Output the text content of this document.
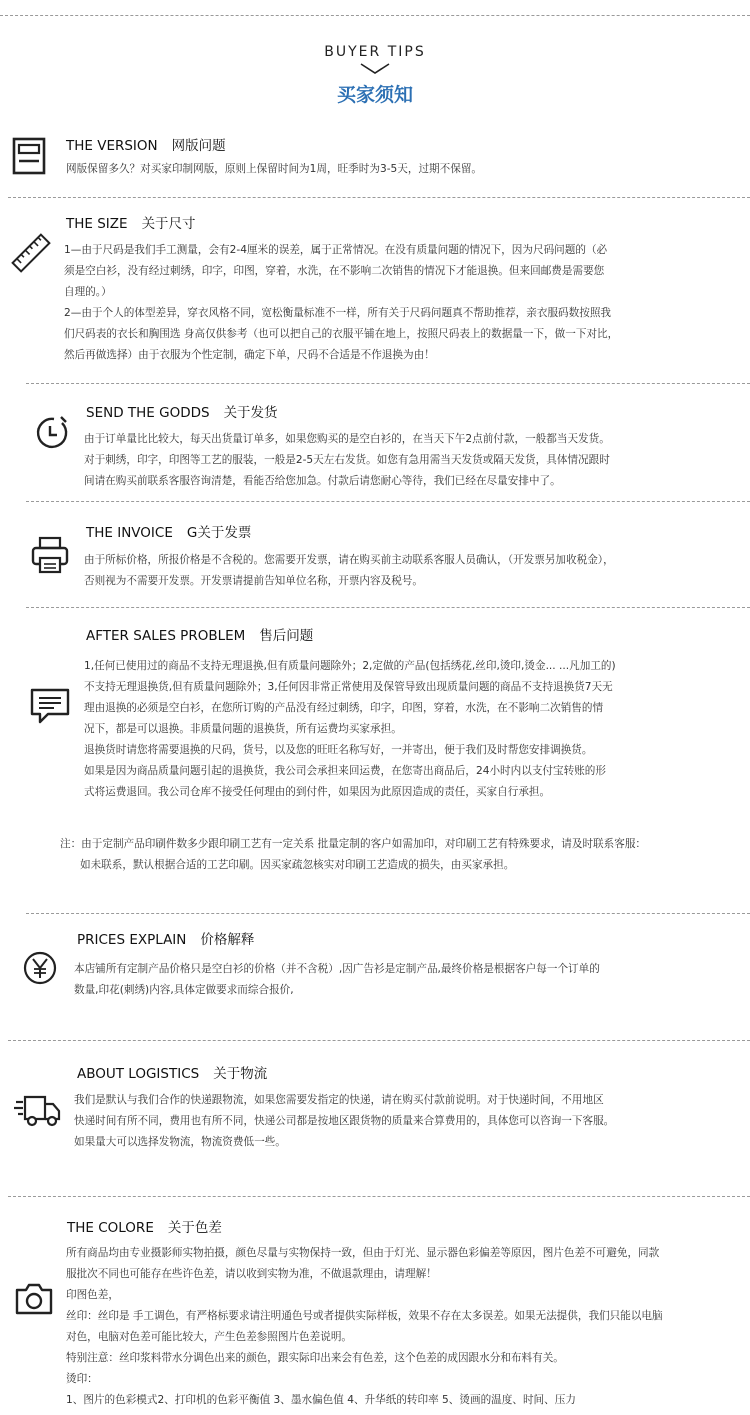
BUYER TIPS
买家须知
THE VERSION 网版问题

网版保留多久？对买家印制网版，原则上保留时间为1周，旺季时为3-5天，过期不保留。

THE SIZE 关于尺寸

1—由于尺码是我们手工测量，会有2-4厘米的误差，属于正常情况。在没有质量问题的情况下，因为尺码问题的（必

须是空白衫，没有经过刺绣，印字，印图，穿着，水洗，在不影响二次销售的情况下才能退换。但来回邮费是需要您

自理的。）

2—由于个人的体型差异，穿衣风格不同，宽松衡量标准不一样，所有关于尺码问题真不帮助推荐，亲衣服码数按照我

们尺码表的衣长和胸围选 身高仅供参考（也可以把自己的衣服平铺在地上，按照尺码表上的数据量一下，做一下对比，

然后再做选择）由于衣服为个性定制，确定下单，尺码不合适是不作退换为由！

SEND THE GODDS 关于发货

由于订单量比比较大，每天出货量订单多，如果您购买的是空白衫的，在当天下午2点前付款，一般都当天发货。

对于刺绣，印字，印图等工艺的服装，一般是2-5天左右发货。如您有急用需当天发货或隔天发货，具体情况跟时

间请在购买前联系客服咨询清楚，看能否给您加急。付款后请您耐心等待，我们已经在尽量安排中了。

THE INVOICE G关于发票

由于所标价格，所报价格是不含税的。您需要开发票，请在购买前主动联系客服人员确认，（开发票另加收税金），

否则视为不需要开发票。开发票请提前告知单位名称，开票内容及税号。

AFTER SALES PROBLEM 售后问题

1,任何已使用过的商品不支持无理退换,但有质量问题除外；2,定做的产品(包括绣花,丝印,烫印,烫金... ...凡加工的)

不支持无理退换货,但有质量问题除外；3,任何因非常正常使用及保管导致出现质量问题的商品不支持退换货7天无

理由退换的必须是空白衫，在您所订购的产品没有经过刺绣，印字，印图，穿着，水洗，在不影响二次销售的情

况下，都是可以退换。非质量问题的退换货，所有运费均买家承担。

退换货时请您将需要退换的尺码，货号，以及您的旺旺名称写好，一并寄出，便于我们及时帮您安排调换货。

如果是因为商品质量问题引起的退换货，我公司会承担来回运费，在您寄出商品后，24小时内以支付宝转账的形

式将运费退回。我公司仓库不接受任何理由的到付件，如果因为此原因造成的责任，买家自行承担。

注：由于定制产品印刷件数多少跟印刷工艺有一定关系 批量定制的客户如需加印，对印刷工艺有特殊要求，请及时联系客服：

如未联系，默认根据合适的工艺印刷。因买家疏忽核实对印刷工艺造成的损失，由买家承担。

PRICES EXPLAIN 价格解释

本店铺所有定制产品价格只是空白衫的价格（并不含税）,因广告衫是定制产品,最终价格是根据客户每一个订单的

数量,印花(刺绣)内容,具体定做要求而综合报价,

ABOUT LOGISTICS 关于物流

我们是默认与我们合作的快递跟物流，如果您需要发指定的快递，请在购买付款前说明。对于快递时间，不用地区

快递时间有所不同，费用也有所不同，快递公司都是按地区跟货物的质量来合算费用的，具体您可以咨询一下客服。

如果量大可以选择发物流，物流资费低一些。

THE COLORE 关于色差

所有商品均由专业摄影师实物拍摄，颜色尽量与实物保持一致，但由于灯光、显示器色彩偏差等原因，图片色差不可避免，同款

服批次不同也可能存在些许色差，请以收到实物为准，不做退款理由，请理解！

印图色差，

丝印：丝印是 手工调色，有严格标要求请注明通色号或者提供实际样板，效果不存在太多误差。如果无法提供，我们只能以电脑

对色，电脑对色差可能比较大，产生色差参照图片色差说明。

特别注意：丝印浆料带水分调色出来的颜色，跟实际印出来会有色差，这个色差的成因跟水分和布料有关。

烫印：

1、图片的色彩模式2、打印机的色彩平衡值 3、墨水偏色值 4、升华纸的转印率 5、烫画的温度、时间、压力
